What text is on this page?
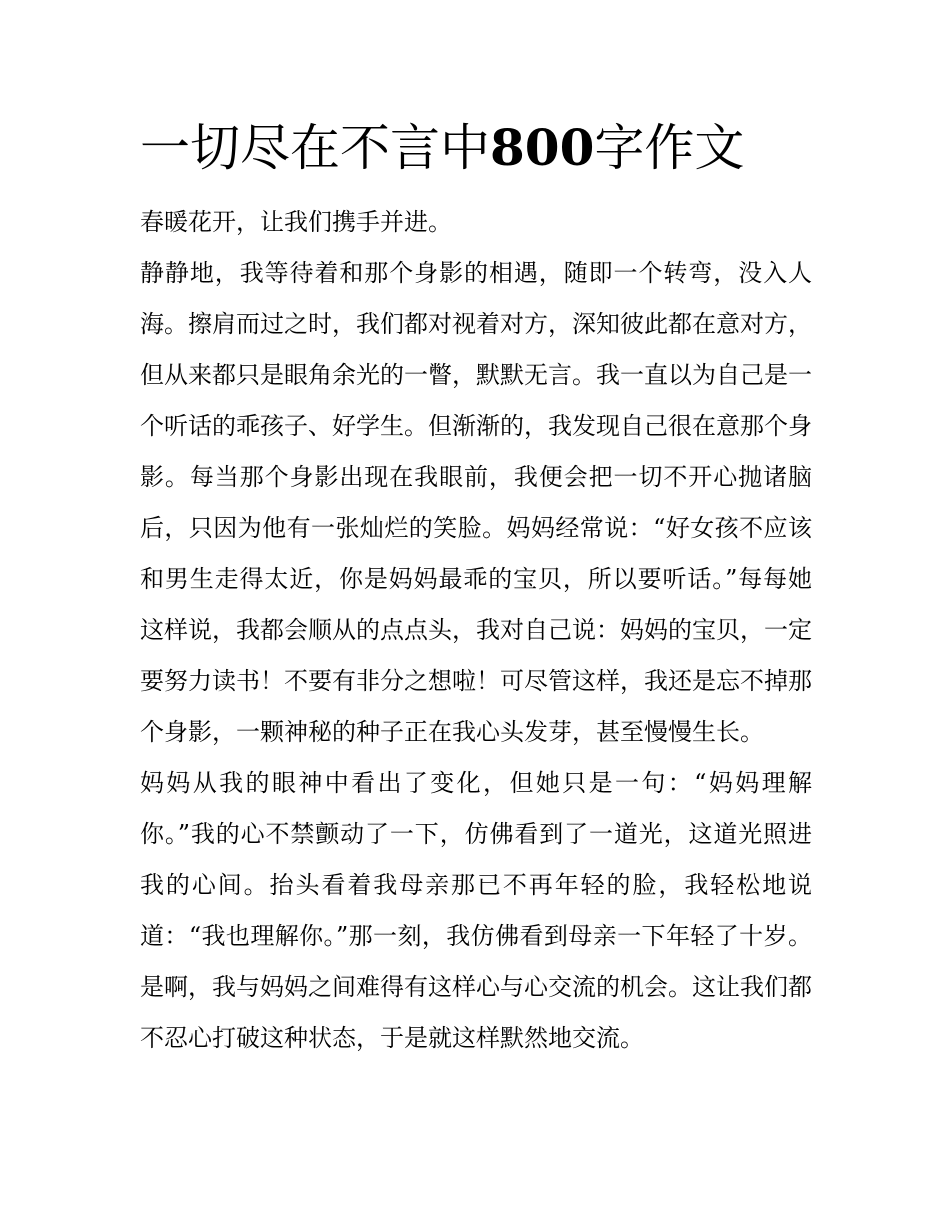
一切尽在不言中800字作文

春暖花开，让我们携手并进。

静静地，我等待着和那个身影的相遇，随即一个转弯，没入人海。擦肩而过之时，我们都对视着对方，深知彼此都在意对方，但从来都只是眼角余光的一瞥，默默无言。我一直以为自己是一个听话的乖孩子、好学生。但渐渐的，我发现自己很在意那个身影。每当那个身影出现在我眼前，我便会把一切不开心抛诸脑后，只因为他有一张灿烂的笑脸。妈妈经常说：“好女孩不应该和男生走得太近，你是妈妈最乖的宝贝，所以要听话。”每每她这样说，我都会顺从的点点头，我对自己说：妈妈的宝贝，一定要努力读书！不要有非分之想啦！可尽管这样，我还是忘不掉那个身影，一颗神秘的种子正在我心头发芽，甚至慢慢生长。

妈妈从我的眼神中看出了变化，但她只是一句：“妈妈理解你。”我的心不禁颤动了一下，仿佛看到了一道光，这道光照进我的心间。抬头看着我母亲那已不再年轻的脸，我轻松地说道：“我也理解你。”那一刻，我仿佛看到母亲一下年轻了十岁。是啊，我与妈妈之间难得有这样心与心交流的机会。这让我们都不忍心打破这种状态，于是就这样默然地交流。
